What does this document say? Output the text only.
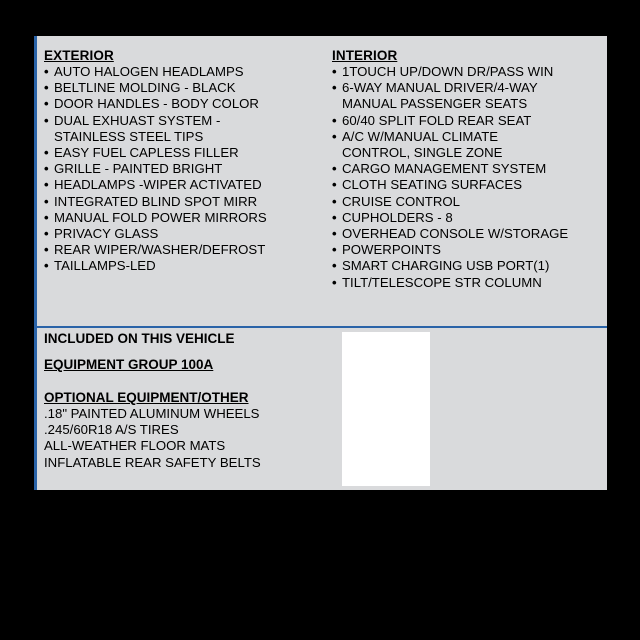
EXTERIOR
• AUTO HALOGEN HEADLAMPS
• BELTLINE MOLDING - BLACK
• DOOR HANDLES - BODY COLOR
• DUAL EXHUAST SYSTEM -   STAINLESS STEEL TIPS
• EASY FUEL CAPLESS FILLER
• GRILLE - PAINTED BRIGHT
• HEADLAMPS -WIPER ACTIVATED
• INTEGRATED BLIND SPOT MIRR
• MANUAL FOLD POWER MIRRORS
• PRIVACY GLASS
• REAR WIPER/WASHER/DEFROST
• TAILLAMPS-LED
INTERIOR
• 1TOUCH UP/DOWN DR/PASS WIN
• 6-WAY MANUAL DRIVER/4-WAY MANUAL PASSENGER SEATS
• 60/40 SPLIT FOLD REAR SEAT
• A/C W/MANUAL CLIMATE CONTROL, SINGLE ZONE
• CARGO MANAGEMENT SYSTEM
• CLOTH SEATING SURFACES
• CRUISE CONTROL
• CUPHOLDERS - 8
• OVERHEAD CONSOLE W/STORAGE
• POWERPOINTS
• SMART CHARGING USB PORT(1)
• TILT/TELESCOPE STR COLUMN
INCLUDED ON THIS VEHICLE
EQUIPMENT GROUP 100A
OPTIONAL EQUIPMENT/OTHER
.18" PAINTED ALUMINUM WHEELS
.245/60R18 A/S TIRES
ALL-WEATHER FLOOR MATS
INFLATABLE REAR SAFETY BELTS
